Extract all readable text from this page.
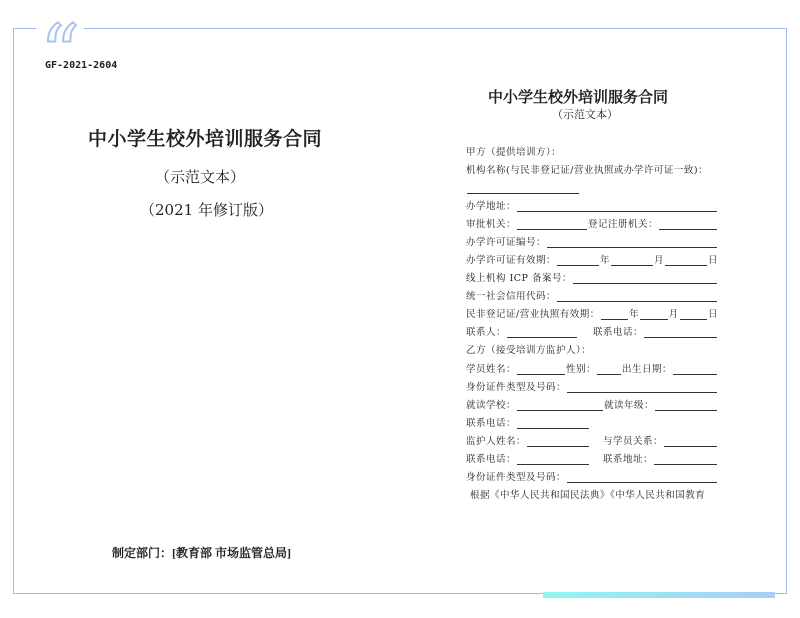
GF-2021-2604
中小学生校外培训服务合同
（示范文本）
（2021 年修订版）
制定部门：[教育部 市场监管总局]
中小学生校外培训服务合同
（示范文本）
甲方（提供培训方）：
机构名称(与民非登记证/营业执照或办学许可证一致)：
办学地址：
审批机关：	登记注册机关：
办学许可证编号：
办学许可证有效期：	年	月	日
线上机构 ICP 备案号：
统一社会信用代码：
民非登记证/营业执照有效期：	年	月	日
联系人：	联系电话：
乙方（接受培训方监护人）：
学员姓名：	性别：	出生日期：
身份证件类型及号码：
就读学校：	就读年级：
联系电话：
监护人姓名：	与学员关系：
联系电话：	联系地址：
身份证件类型及号码：
根据《中华人民共和国民法典》《中华人民共和国教育
